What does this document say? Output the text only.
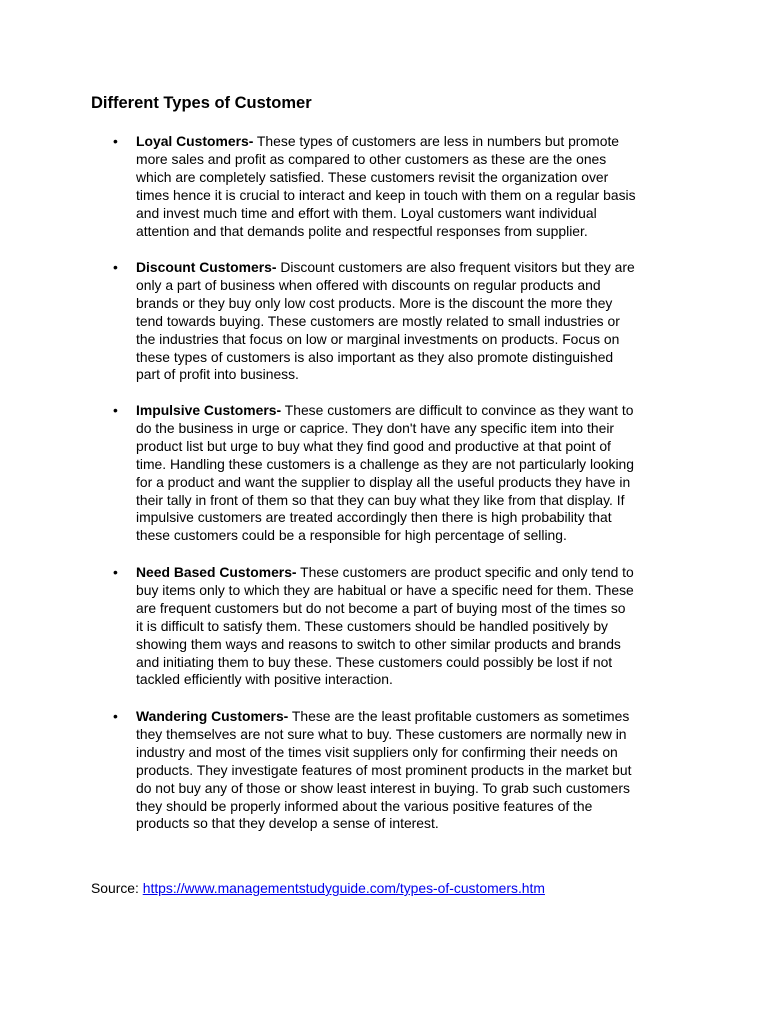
Different Types of Customer
• Loyal Customers- These types of customers are less in numbers but promote
more sales and profit as compared to other customers as these are the ones
which are completely satisfied. These customers revisit the organization over
times hence it is crucial to interact and keep in touch with them on a regular basis
and invest much time and effort with them. Loyal customers want individual
attention and that demands polite and respectful responses from supplier.
• Discount Customers- Discount customers are also frequent visitors but they are
only a part of business when offered with discounts on regular products and
brands or they buy only low cost products. More is the discount the more they
tend towards buying. These customers are mostly related to small industries or
the industries that focus on low or marginal investments on products. Focus on
these types of customers is also important as they also promote distinguished
part of profit into business.
• Impulsive Customers- These customers are difficult to convince as they want to
do the business in urge or caprice. They don't have any specific item into their
product list but urge to buy what they find good and productive at that point of
time. Handling these customers is a challenge as they are not particularly looking
for a product and want the supplier to display all the useful products they have in
their tally in front of them so that they can buy what they like from that display. If
impulsive customers are treated accordingly then there is high probability that
these customers could be a responsible for high percentage of selling.
• Need Based Customers- These customers are product specific and only tend to
buy items only to which they are habitual or have a specific need for them. These
are frequent customers but do not become a part of buying most of the times so
it is difficult to satisfy them. These customers should be handled positively by
showing them ways and reasons to switch to other similar products and brands
and initiating them to buy these. These customers could possibly be lost if not
tackled efficiently with positive interaction.
• Wandering Customers- These are the least profitable customers as sometimes
they themselves are not sure what to buy. These customers are normally new in
industry and most of the times visit suppliers only for confirming their needs on
products. They investigate features of most prominent products in the market but
do not buy any of those or show least interest in buying. To grab such customers
they should be properly informed about the various positive features of the
products so that they develop a sense of interest.
Source: https://www.managementstudyguide.com/types-of-customers.htm
